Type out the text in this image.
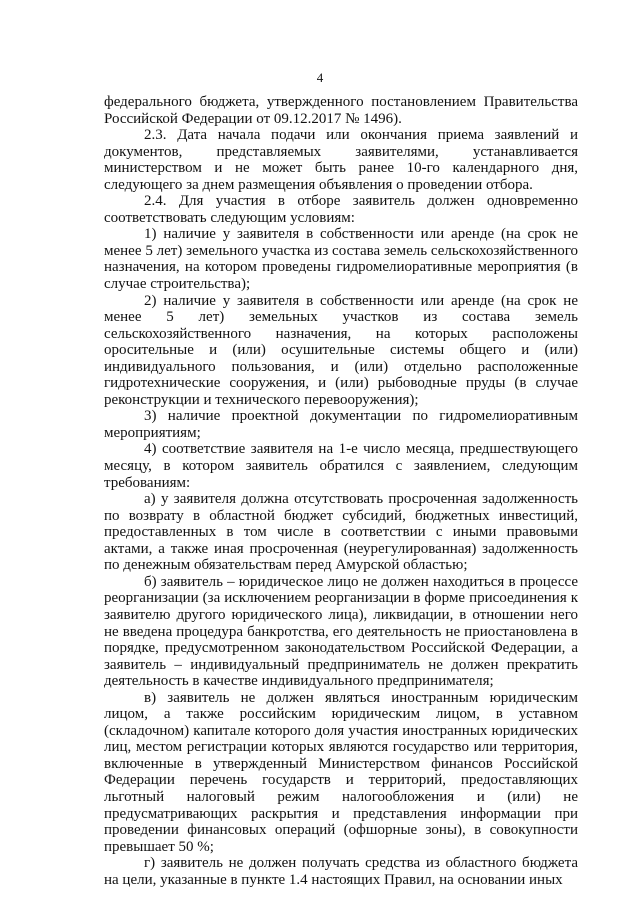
4

федерального бюджета, утвержденного постановлением Правительства Российской Федерации от 09.12.2017 № 1496).

2.3. Дата начала подачи или окончания приема заявлений и документов, представляемых заявителями, устанавливается министерством и не может быть ранее 10-го календарного дня, следующего за днем размещения объявления о проведении отбора.

2.4. Для участия в отборе заявитель должен одновременно соответствовать следующим условиям:

1) наличие у заявителя в собственности или аренде (на срок не менее 5 лет) земельного участка из состава земель сельскохозяйственного назначения, на котором проведены гидромелиоративные мероприятия (в случае строительства);

2) наличие у заявителя в собственности или аренде (на срок не менее 5 лет) земельных участков из состава земель сельскохозяйственного назначения, на которых расположены оросительные и (или) осушительные системы общего и (или) индивидуального пользования, и (или) отдельно расположенные гидротехнические сооружения, и (или) рыбоводные пруды (в случае реконструкции и технического перевооружения);

3) наличие проектной документации по гидромелиоративным мероприятиям;

4) соответствие заявителя на 1-е число месяца, предшествующего месяцу, в котором заявитель обратился с заявлением, следующим требованиям:

а) у заявителя должна отсутствовать просроченная задолженность по возврату в областной бюджет субсидий, бюджетных инвестиций, предоставленных в том числе в соответствии с иными правовыми актами, а также иная просроченная (неурегулированная) задолженность по денежным обязательствам перед Амурской областью;

б) заявитель – юридическое лицо не должен находиться в процессе реорганизации (за исключением реорганизации в форме присоединения к заявителю другого юридического лица), ликвидации, в отношении него не введена процедура банкротства, его деятельность не приостановлена в порядке, предусмотренном законодательством Российской Федерации, а заявитель – индивидуальный предприниматель не должен прекратить деятельность в качестве индивидуального предпринимателя;

в) заявитель не должен являться иностранным юридическим лицом, а также российским юридическим лицом, в уставном (складочном) капитале которого доля участия иностранных юридических лиц, местом регистрации которых являются государство или территория, включенные в утвержденный Министерством финансов Российской Федерации перечень государств и территорий, предоставляющих льготный налоговый режим налогообложения и (или) не предусматривающих раскрытия и представления информации при проведении финансовых операций (офшорные зоны), в совокупности превышает 50 %;

г) заявитель не должен получать средства из областного бюджета на цели, указанные в пункте 1.4 настоящих Правил, на основании иных
